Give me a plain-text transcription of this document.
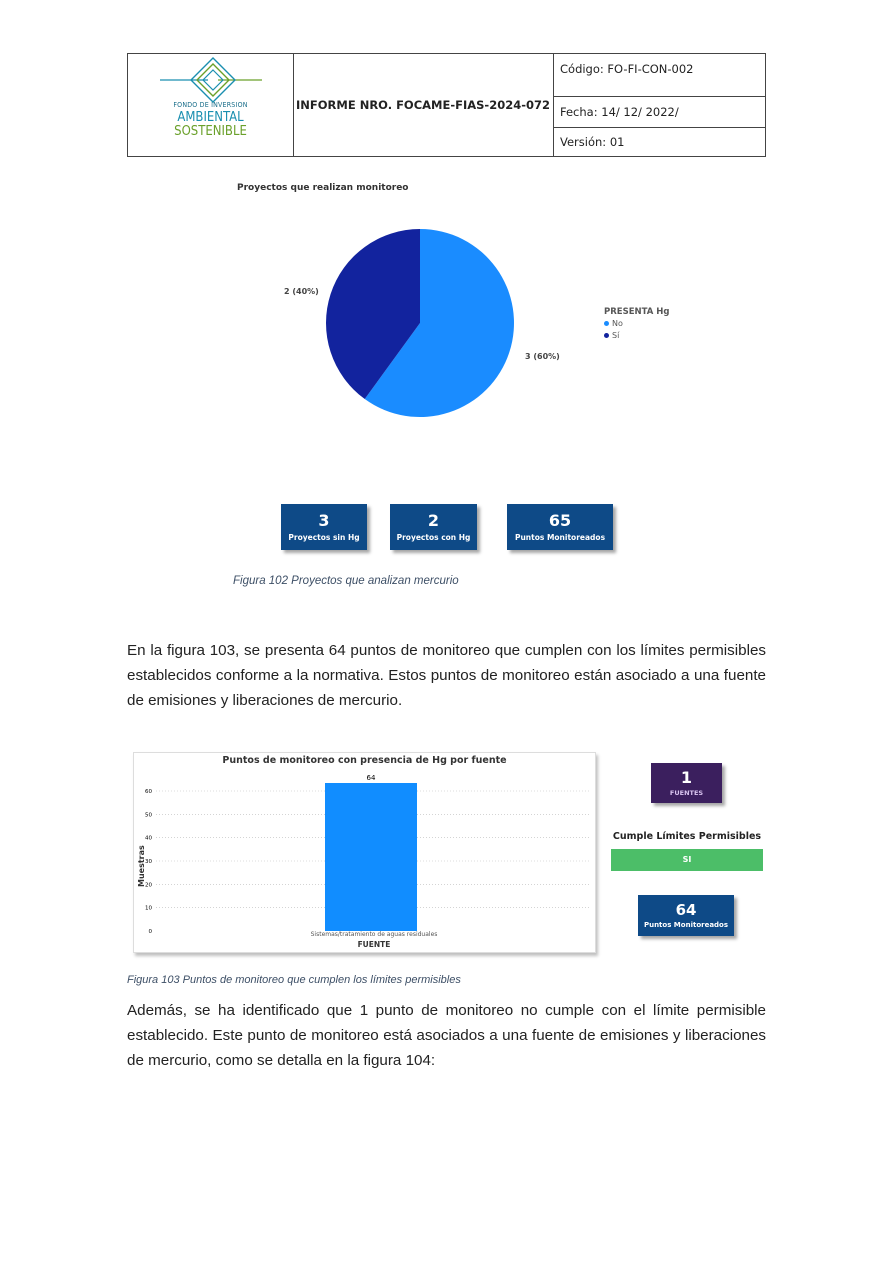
FONDO DE INVERSION
AMBIENTAL
SOSTENIBLE
INFORME NRO. FOCAME-FIAS-2024-072
Código: FO-FI-CON-002
Fecha: 14/ 12/ 2022/
Versión: 01
Proyectos que realizan monitoreo
2 (40%)
3 (60%)
PRESENTA Hg
No
Sí
3
Proyectos sin Hg
2
Proyectos con Hg
65
Puntos Monitoreados
Figura 102 Proyectos que analizan mercurio
En la figura 103, se presenta 64 puntos de monitoreo que cumplen con los límites permisibles establecidos conforme a la normativa. Estos puntos de monitoreo están asociado a una fuente de emisiones y liberaciones de mercurio.
Puntos de monitoreo con presencia de Hg por fuente
0
10
20
30
40
50
60
64
Muestras
Sistemas/tratamiento de aguas residuales
FUENTE
1
FUENTES
Cumple Límites Permisibles
SI
64
Puntos Monitoreados
Figura 103 Puntos de monitoreo que cumplen los límites permisibles
Además, se ha identificado que 1 punto de monitoreo no cumple con el límite permisible establecido. Este punto de monitoreo está asociados a una fuente de emisiones y liberaciones de mercurio, como se detalla en la figura 104:
